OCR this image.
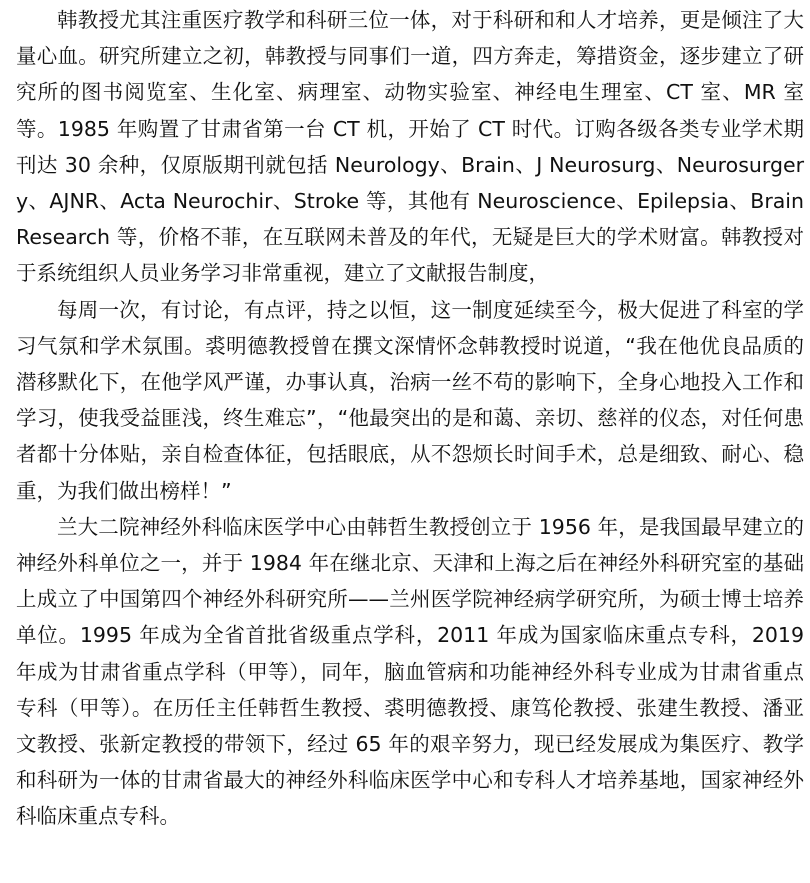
韩教授尤其注重医疗教学和科研三位一体，对于科研和和人才培养，更是倾注了大量心血。研究所建立之初，韩教授与同事们一道，四方奔走，筹措资金，逐步建立了研究所的图书阅览室、生化室、病理室、动物实验室、神经电生理室、CT 室、MR 室等。1985 年购置了甘肃省第一台 CT 机，开始了 CT 时代。订购各级各类专业学术期刊达 30 余种，仅原版期刊就包括 Neurology、Brain、J Neurosurg、Neurosurgery、AJNR、Acta Neurochir、Stroke 等，其他有 Neuroscience、Epilepsia、Brain Research 等，价格不菲，在互联网未普及的年代，无疑是巨大的学术财富。韩教授对于系统组织人员业务学习非常重视，建立了文献报告制度，

每周一次，有讨论，有点评，持之以恒，这一制度延续至今，极大促进了科室的学习气氛和学术氛围。裘明德教授曾在撰文深情怀念韩教授时说道，“我在他优良品质的潜移默化下，在他学风严谨，办事认真，治病一丝不苟的影响下，全身心地投入工作和学习，使我受益匪浅，终生难忘”，“他最突出的是和蔼、亲切、慈祥的仪态，对任何患者都十分体贴，亲自检查体征，包括眼底，从不怨烦长时间手术，总是细致、耐心、稳重，为我们做出榜样！”

兰大二院神经外科临床医学中心由韩哲生教授创立于 1956 年，是我国最早建立的神经外科单位之一，并于 1984 年在继北京、天津和上海之后在神经外科研究室的基础上成立了中国第四个神经外科研究所——兰州医学院神经病学研究所，为硕士博士培养单位。1995 年成为全省首批省级重点学科，2011 年成为国家临床重点专科，2019 年成为甘肃省重点学科（甲等），同年，脑血管病和功能神经外科专业成为甘肃省重点专科（甲等）。在历任主任韩哲生教授、裘明德教授、康笃伦教授、张建生教授、潘亚文教授、张新定教授的带领下，经过 65 年的艰辛努力，现已经发展成为集医疗、教学和科研为一体的甘肃省最大的神经外科临床医学中心和专科人才培养基地，国家神经外科临床重点专科。
